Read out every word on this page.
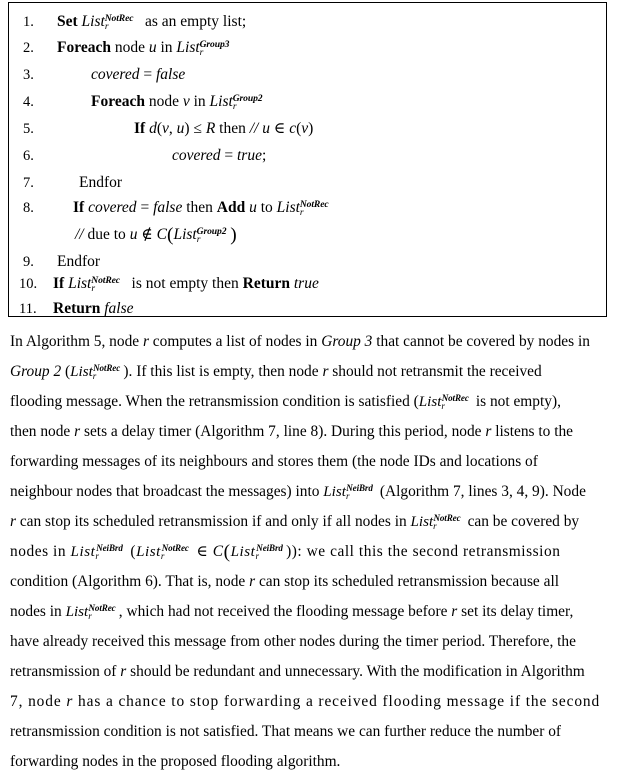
1.	Set Listr$^{NotRec}$ as an empty list;
2.	Foreach node u in Listr$^{Group3}$
3.	covered = false
4.	Foreach node v in Listr$^{Group2}$
5.	If d(v, u) ≤ R then // u ∈ c(v)
6.	covered = true;
7.	Endfor
8.	If covered = false then Add u to Listr$^{NotRec}$
// due to u ∉ C(Listr$^{Group2}$ )
9.	Endfor
10.	If Listr$^{NotRec}$ is not empty then Return true
11.	Return false
In Algorithm 5, node r computes a list of nodes in Group 3 that cannot be covered by nodes in
Group 2 (Listr$^{NotRec}$ ). If this list is empty, then node r should not retransmit the received
flooding message. When the retransmission condition is satisfied (Listr$^{NotRec}$ is not empty),
then node r sets a delay timer (Algorithm 7, line 8). During this period, node r listens to the
forwarding messages of its neighbours and stores them (the node IDs and locations of
neighbour nodes that broadcast the messages) into Listr$^{NeiBrd}$ (Algorithm 7, lines 3, 4, 9). Node
r can stop its scheduled retransmission if and only if all nodes in Listr$^{NotRec}$ can be covered by
nodes in Listr$^{NeiBrd}$ (Listr$^{NotRec}$ ∈ C(Listr$^{NeiBrd}$ )): we call this the second retransmission
condition (Algorithm 6). That is, node r can stop its scheduled retransmission because all
nodes in Listr$^{NotRec}$ , which had not received the flooding message before r set its delay timer,
have already received this message from other nodes during the timer period. Therefore, the
retransmission of r should be redundant and unnecessary. With the modification in Algorithm
7, node r has a chance to stop forwarding a received flooding message if the second
retransmission condition is not satisfied. That means we can further reduce the number of
forwarding nodes in the proposed flooding algorithm.
